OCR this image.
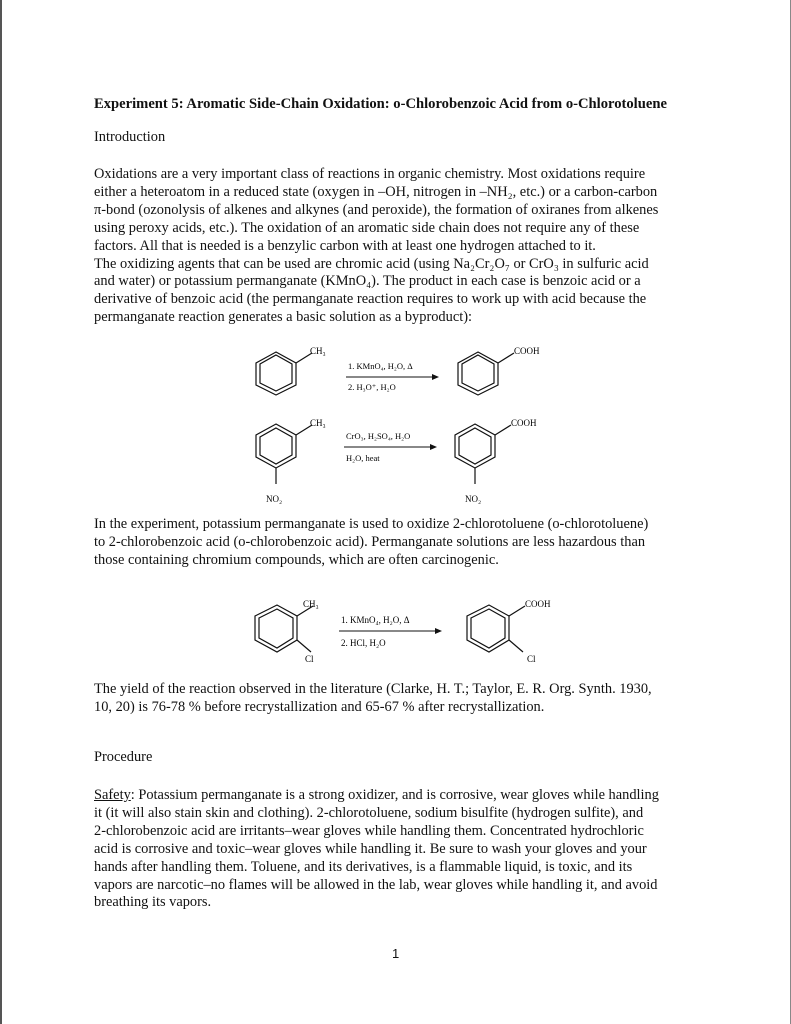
Experiment 5: Aromatic Side-Chain Oxidation: o-Chlorobenzoic Acid from o-Chlorotoluene
Introduction
Oxidations are a very important class of reactions in organic chemistry. Most oxidations require
either a heteroatom in a reduced state (oxygen in –OH, nitrogen in –NH₂, etc.) or a carbon-carbon
π-bond (ozonolysis of alkenes and alkynes (and peroxide), the formation of oxiranes from alkenes
using peroxy acids, etc.). The oxidation of an aromatic side chain does not require any of these
factors. All that is needed is a benzylic carbon with at least one hydrogen attached to it.
The oxidizing agents that can be used are chromic acid (using Na₂Cr₂O₇ or CrO₃ in sulfuric acid
and water) or potassium permanganate (KMnO₄). The product in each case is benzoic acid or a
derivative of benzoic acid (the permanganate reaction requires to work up with acid because the
permanganate reaction generates a basic solution as a byproduct):
In the experiment, potassium permanganate is used to oxidize 2-chlorotoluene (o-chlorotoluene)
to 2-chlorobenzoic acid (o-chlorobenzoic acid). Permanganate solutions are less hazardous than
those containing chromium compounds, which are often carcinogenic.
The yield of the reaction observed in the literature (Clarke, H. T.; Taylor, E. R. Org. Synth. 1930,
10, 20) is 76-78 % before recrystallization and 65-67 % after recrystallization.
Procedure
Safety: Potassium permanganate is a strong oxidizer, and is corrosive, wear gloves while handling
it (it will also stain skin and clothing). 2-chlorotoluene, sodium bisulfite (hydrogen sulfite), and
2-chlorobenzoic acid are irritants–wear gloves while handling them. Concentrated hydrochloric
acid is corrosive and toxic–wear gloves while handling it. Be sure to wash your gloves and your
hands after handling them. Toluene, and its derivatives, is a flammable liquid, is toxic, and its
vapors are narcotic–no flames will be allowed in the lab, wear gloves while handling it, and avoid
breathing its vapors.
CH₃
1. KMnO₄, H₂O, Δ
2. H₃O⁺, H₂O
COOH
CH₃
NO₂
CrO₃, H₂SO₄, H₂O
H₂O, heat
COOH
NO₂
CH₃
Cl
1. KMnO₄, H₂O, Δ
2. HCl, H₂O
COOH
Cl
1
